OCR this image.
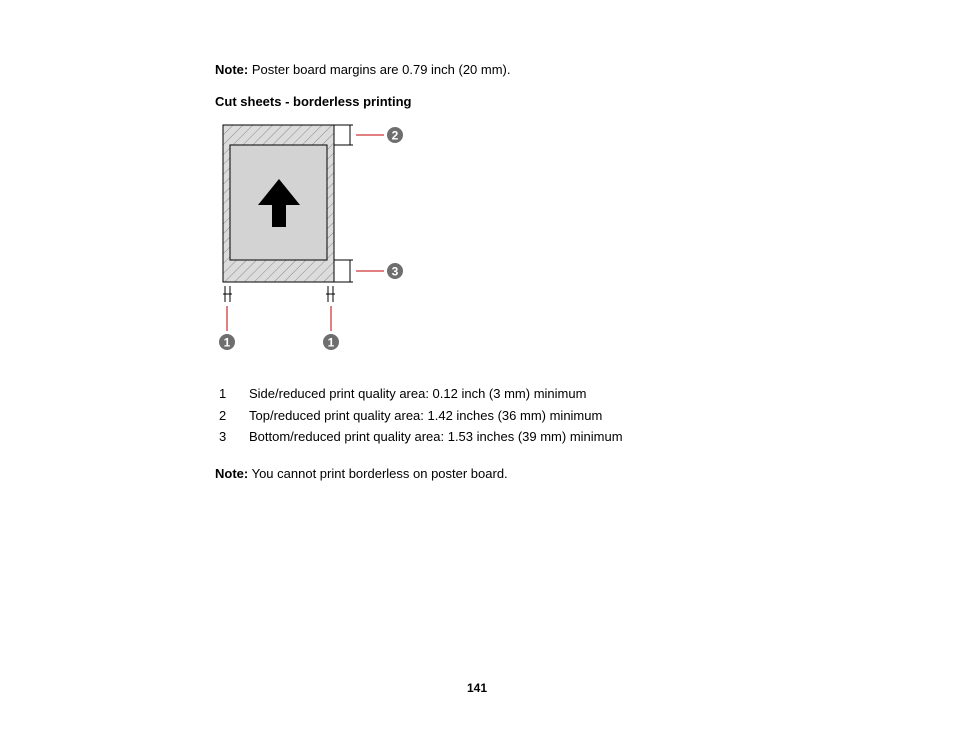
Note: Poster board margins are 0.79 inch (20 mm).
Cut sheets - borderless printing
1	1
2
3
1	Side/reduced print quality area: 0.12 inch (3 mm) minimum
2	Top/reduced print quality area: 1.42 inches (36 mm) minimum
3	Bottom/reduced print quality area: 1.53 inches (39 mm) minimum
Note: You cannot print borderless on poster board.
141
